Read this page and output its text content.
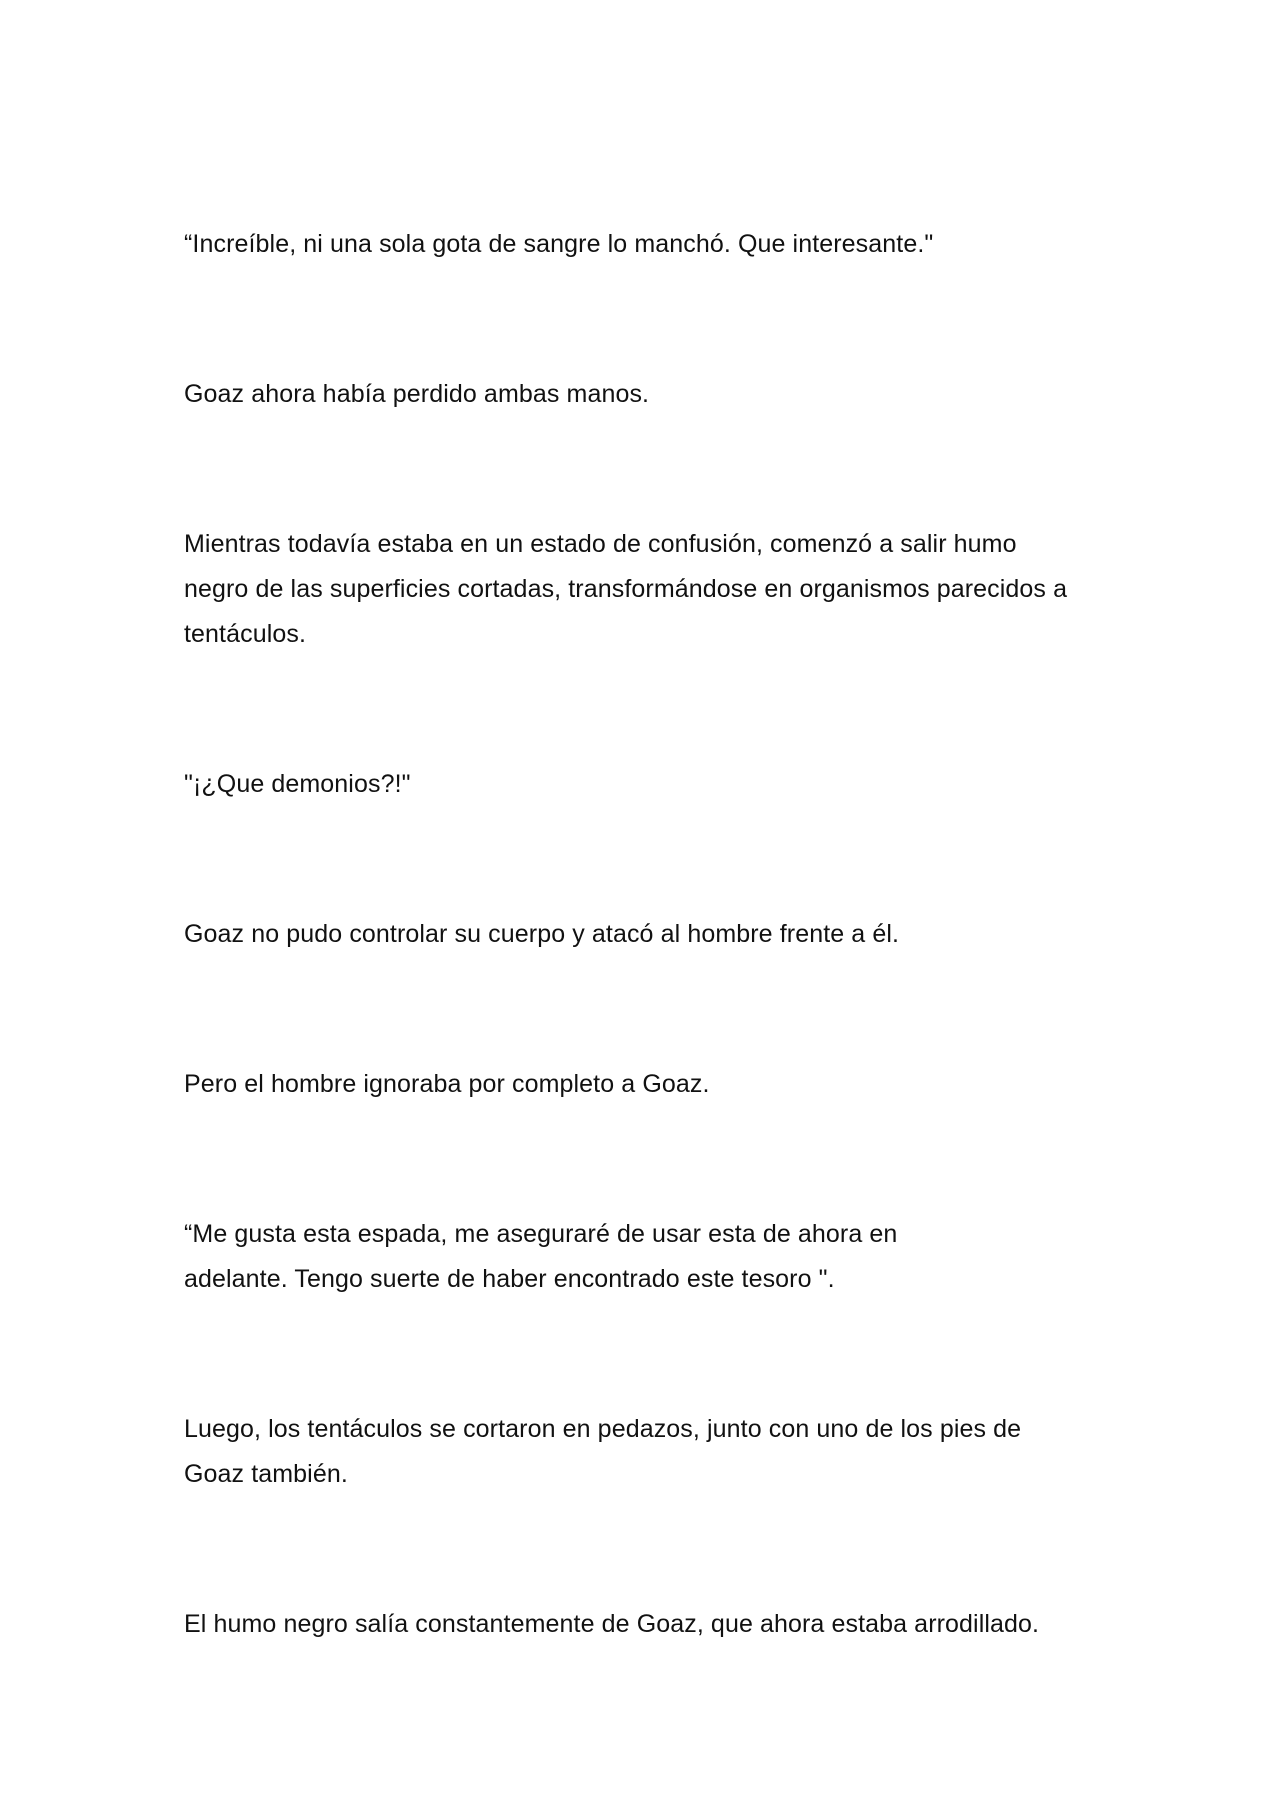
“Increíble, ni una sola gota de sangre lo manchó. Que interesante."

Goaz ahora había perdido ambas manos.

Mientras todavía estaba en un estado de confusión, comenzó a salir humo
negro de las superficies cortadas, transformándose en organismos parecidos a
tentáculos.

"¡¿Que demonios?!"

Goaz no pudo controlar su cuerpo y atacó al hombre frente a él.

Pero el hombre ignoraba por completo a Goaz.

“Me gusta esta espada, me aseguraré de usar esta de ahora en
adelante. Tengo suerte de haber encontrado este tesoro ".

Luego, los tentáculos se cortaron en pedazos, junto con uno de los pies de
Goaz también.

El humo negro salía constantemente de Goaz, que ahora estaba arrodillado.
